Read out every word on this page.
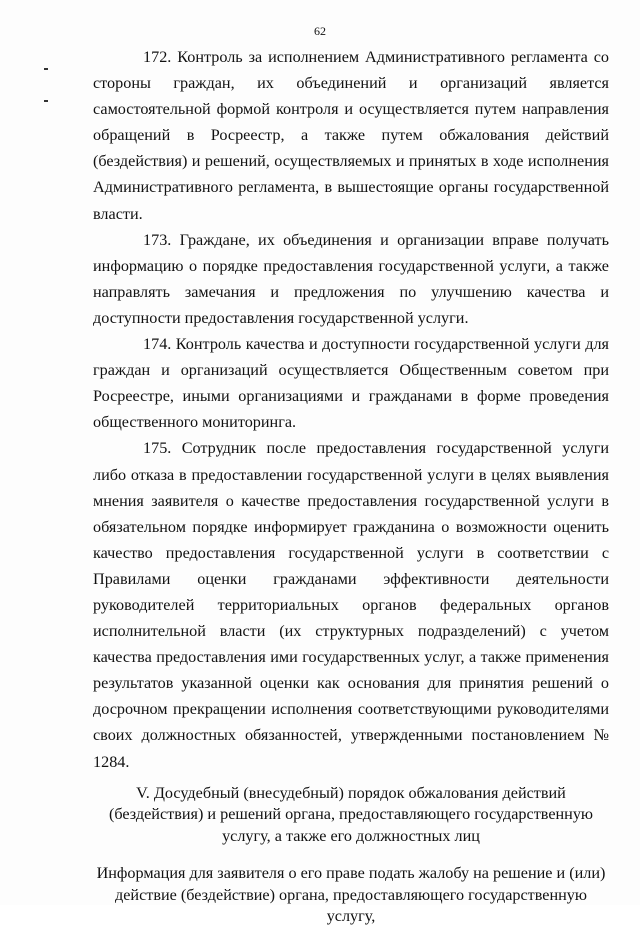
62

172. Контроль за исполнением Административного регламента со стороны граждан, их объединений и организаций является самостоятельной формой контроля и осуществляется путем направления обращений в Росреестр, а также путем обжалования действий (бездействия) и решений, осуществляемых и принятых в ходе исполнения Административного регламента, в вышестоящие органы государственной власти.

173. Граждане, их объединения и организации вправе получать информацию о порядке предоставления государственной услуги, а также направлять замечания и предложения по улучшению качества и доступности предоставления государственной услуги.

174. Контроль качества и доступности государственной услуги для граждан и организаций осуществляется Общественным советом при Росреестре, иными организациями и гражданами в форме проведения общественного мониторинга.

175. Сотрудник после предоставления государственной услуги либо отказа в предоставлении государственной услуги в целях выявления мнения заявителя о качестве предоставления государственной услуги в обязательном порядке информирует гражданина о возможности оценить качество предоставления государственной услуги в соответствии с Правилами оценки гражданами эффективности деятельности руководителей территориальных органов федеральных органов исполнительной власти (их структурных подразделений) с учетом качества предоставления ими государственных услуг, а также применения результатов указанной оценки как основания для принятия решений о досрочном прекращении исполнения соответствующими руководителями своих должностных обязанностей, утвержденными постановлением № 1284.

V. Досудебный (внесудебный) порядок обжалования действий (бездействия) и решений органа, предоставляющего государственную услугу, а также его должностных лиц

Информация для заявителя о его праве подать жалобу на решение и (или) действие (бездействие) органа, предоставляющего государственную услугу,
